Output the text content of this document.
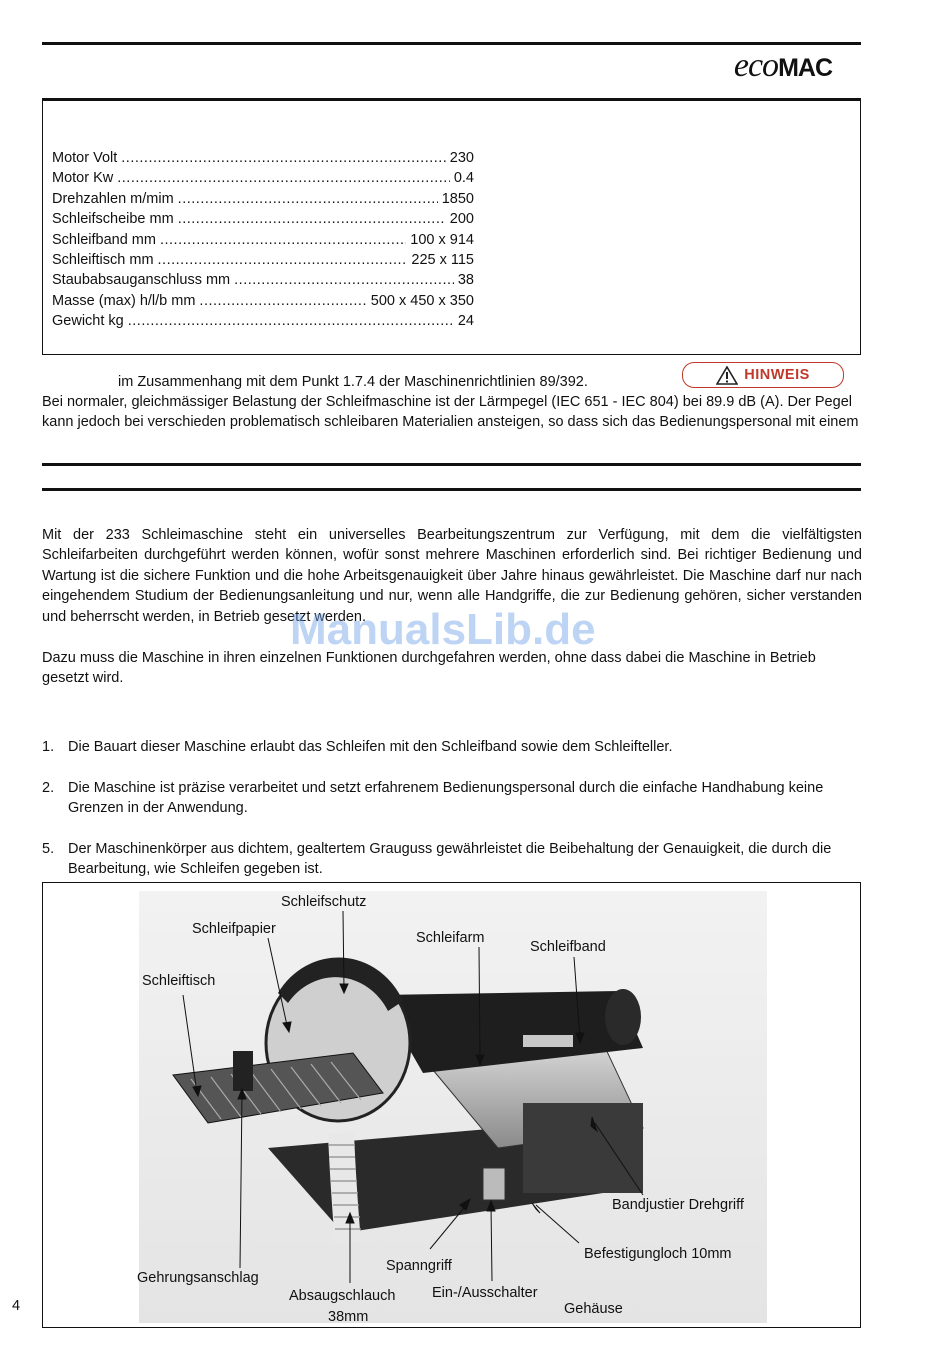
ecoMAC
Motor Volt .....	230
Motor Kw .....	0.4
Drehzahlen m/mim .....	1850
Schleifscheibe mm .....	200
Schleifband mm .....	100 x 914
Schleiftisch mm .....	225 x 115
Staubabsauganschluss mm .....	38
Masse (max) h/l/b mm .....	500 x 450 x 350
Gewicht kg .....	24
im Zusammenhang mit dem Punkt 1.7.4 der Maschinenrichtlinien 89/392.	HINWEIS
Bei normaler, gleichmässiger Belastung der Schleifmaschine ist der Lärmpegel (IEC 651 - IEC 804) bei 89.9 dB (A). Der Pegel kann jedoch bei verschieden problematisch schleibaren Materialien ansteigen, so dass sich das Bedienungspersonal mit einem
Mit der 233 Schleimaschine steht ein universelles Bearbeitungszentrum zur Verfügung, mit dem die vielfältigsten Schleifarbeiten durchgeführt werden können, wofür sonst mehrere Maschinen erforderlich sind. Bei richtiger Bedienung und Wartung ist die sichere Funktion und die hohe Arbeitsgenauigkeit über Jahre hinaus gewährleistet. Die Maschine darf nur nach eingehendem Studium der Bedienungsanleitung und nur, wenn alle Handgriffe, die zur Bedienung gehören, sicher verstanden und beherrscht werden, in Betrieb gesetzt werden.
Dazu muss die Maschine in ihren einzelnen Funktionen durchgefahren werden, ohne dass dabei die Maschine in Betrieb gesetzt wird.
ManualsLib.de
1. Die Bauart dieser Maschine erlaubt das Schleifen mit den Schleifband sowie dem Schleifteller.
2. Die Maschine ist präzise verarbeitet und setzt erfahrenem Bedienungspersonal durch die einfache Handhabung keine Grenzen in der Anwendung.
5. Der Maschinenkörper aus dichtem, gealtertem Grauguss gewährleistet die Beibehaltung der Genauigkeit, die durch die Bearbeitung, wie Schleifen gegeben ist.
Schleifschutz
Schleifpapier
Schleifarm
Schleifband
Schleiftisch
Bandjustier Drehgriff
Befestigungloch 10mm
Gehrungsanschlag
Spanngriff
Ein-/Ausschalter
Absaugschlauch
38mm	Gehäuse
4
